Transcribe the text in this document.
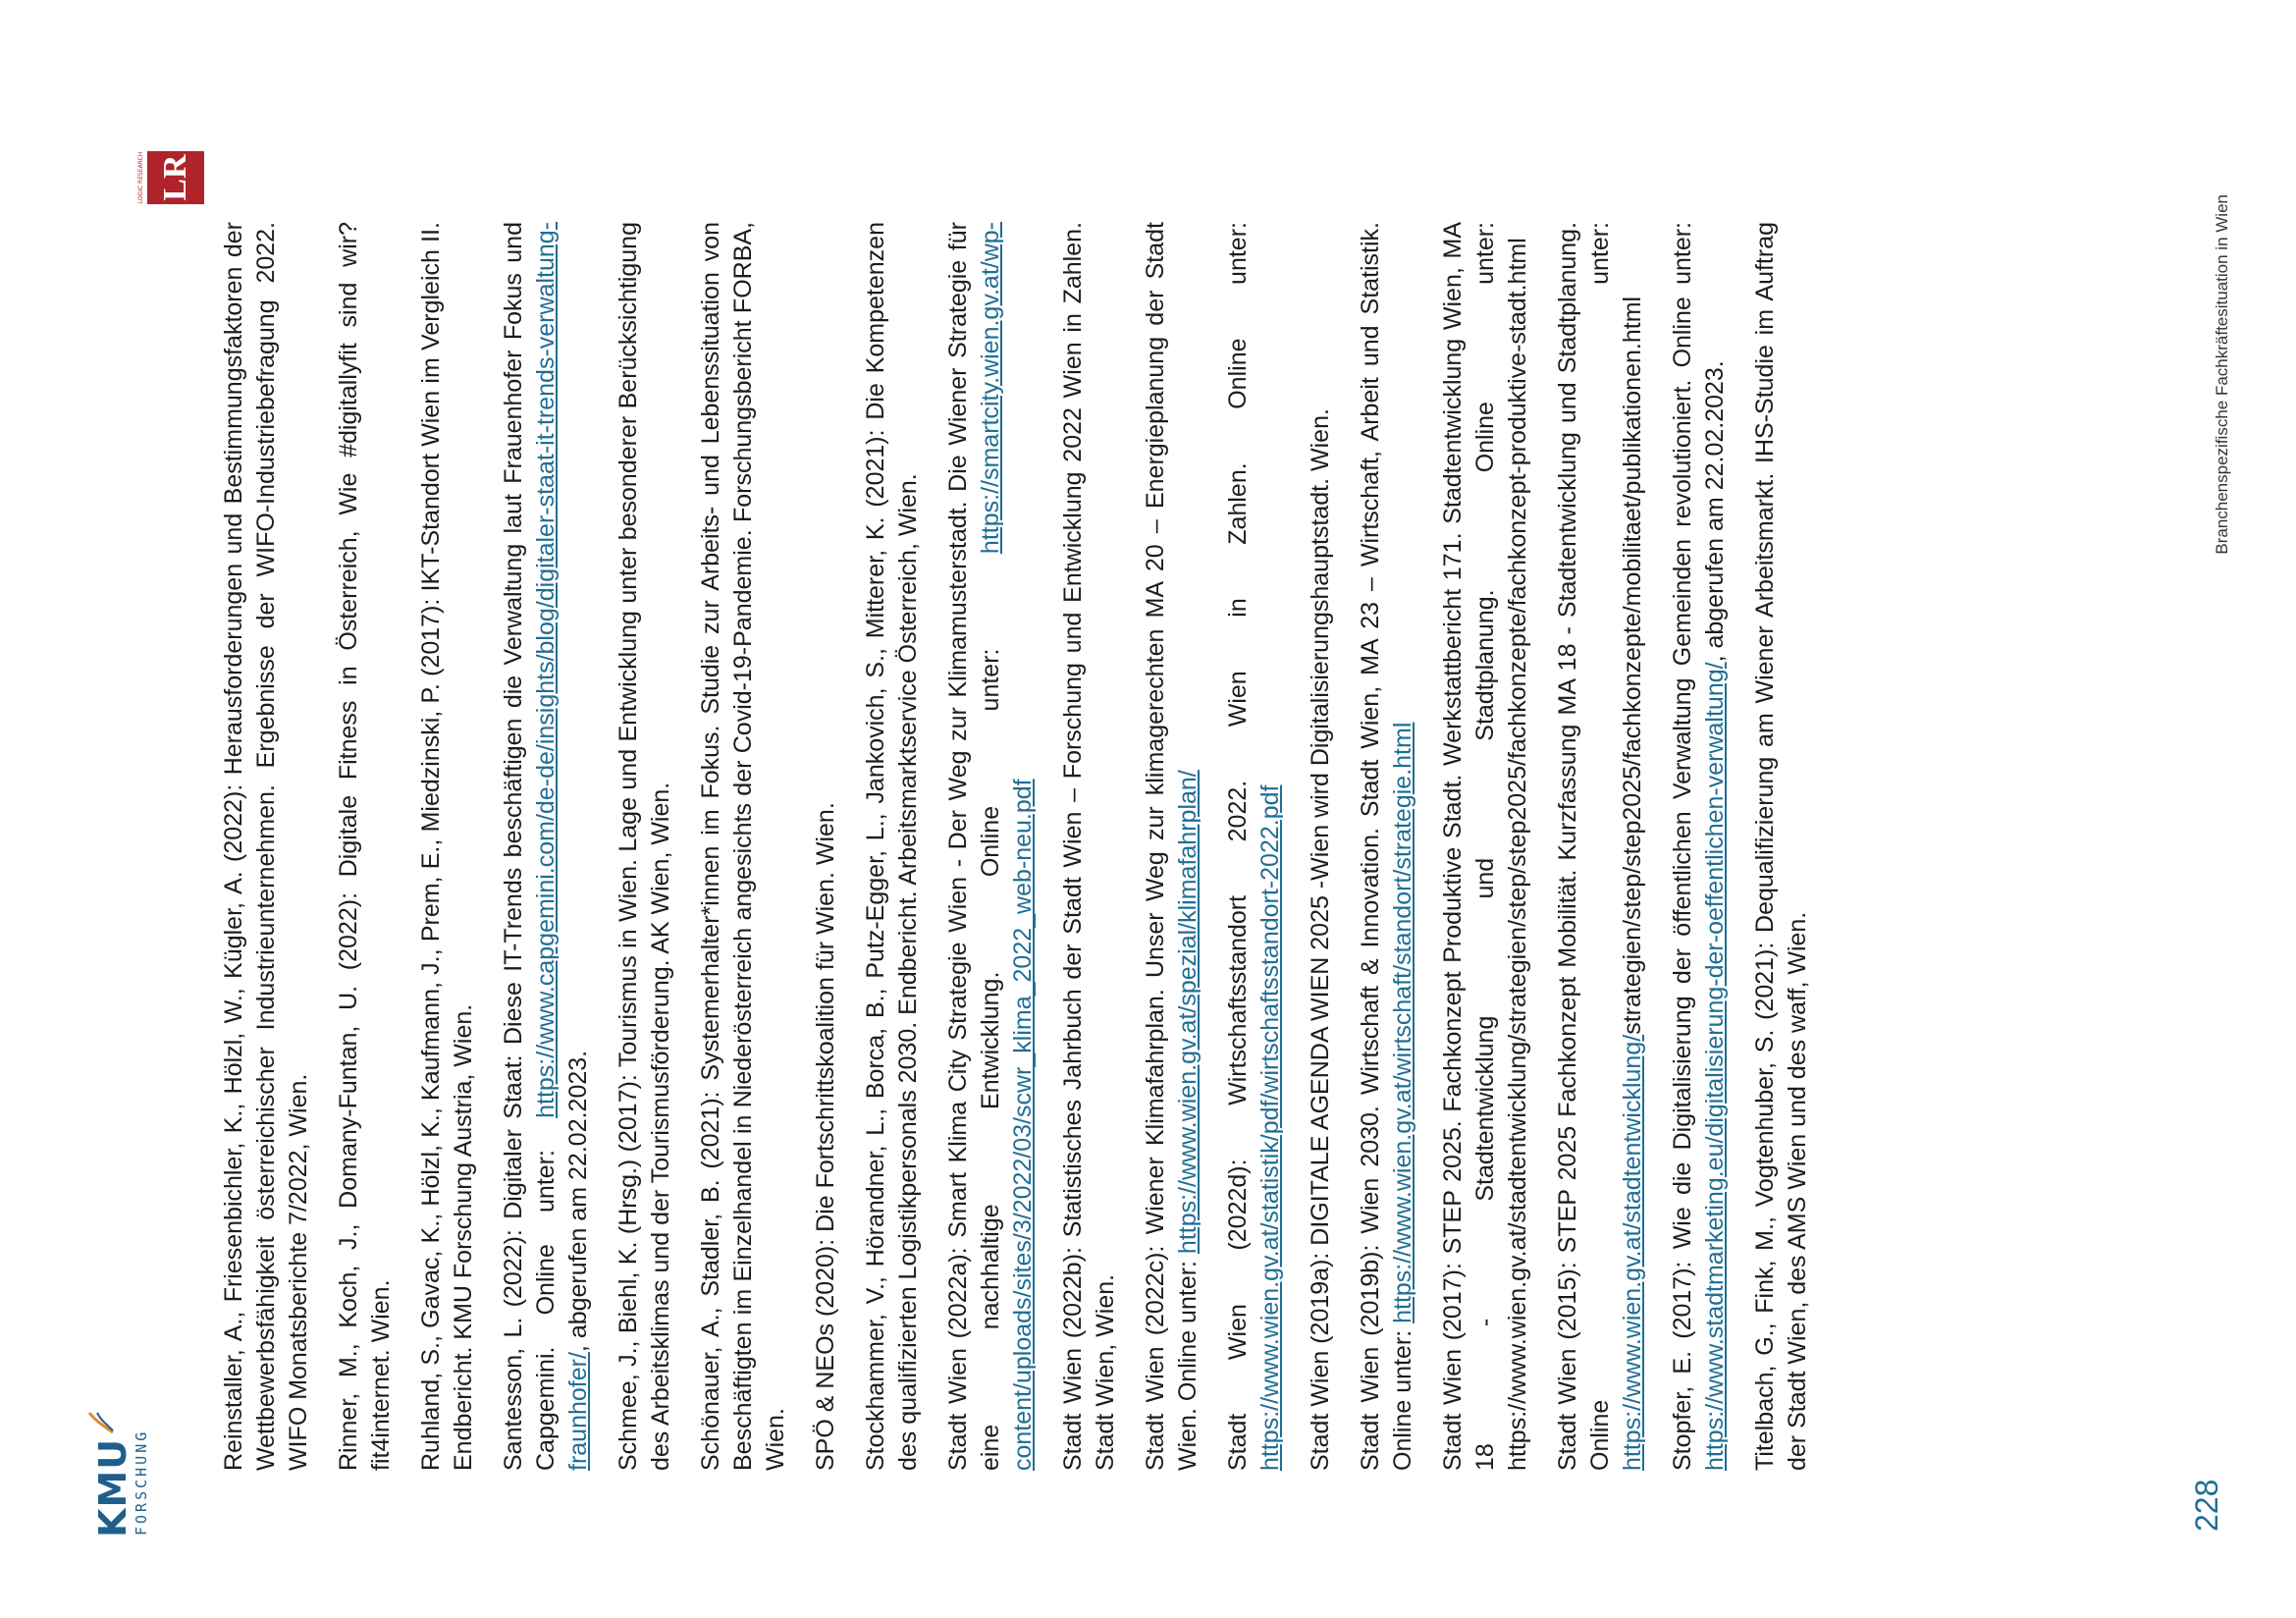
KMU
FORSCHUNG
LOGIC RESEARCH LR

Reinstaller, A., Friesenbichler, K., Hölzl, W., Kügler, A. (2022): Herausforderungen und Bestimmungsfaktoren der Wettbewerbsfähigkeit österreichischer Industrieunternehmen. Ergebnisse der WIFO-Industriebefragung 2022. WIFO Monatsberichte 7/2022, Wien. Rinner, M., Koch, J., Domany-Funtan, U. (2022): Digitale Fitness in Österreich, Wie #digitallyfit sind wir? fit4internet. Wien. Ruhland, S., Gavac, K., Hölzl, K., Kaufmann, J., Prem, E., Miedzinski, P. (2017): IKT-Standort Wien im Vergleich II. Endbericht. KMU Forschung Austria, Wien. Santesson, L. (2022): Digitaler Staat: Diese IT-Trends beschäftigen die Verwaltung laut Frauenhofer Fokus und Capgemini. Online unter: https://www.capgemini.com/de-de/insights/blog/digitaler-staat-it-trends-verwaltung-fraunhofer/, abgerufen am 22.02.2023. Schmee, J., Biehl, K. (Hrsg.) (2017): Tourismus in Wien. Lage und Entwicklung unter besonderer Berücksichtigung des Arbeitsklimas und der Tourismusförderung. AK Wien, Wien. Schönauer, A., Stadler, B. (2021): Systemerhalter*innen im Fokus. Studie zur Arbeits- und Lebenssituation von Beschäftigten im Einzelhandel in Niederösterreich angesichts der Covid-19-Pandemie. Forschungsbericht FORBA, Wien. SPÖ & NEOs (2020): Die Fortschrittskoalition für Wien. Wien. Stockhammer, V., Hörandner, L., Borca, B., Putz-Egger, L., Jankovich, S., Mitterer, K. (2021): Die Kompetenzen des qualifizierten Logistikpersonals 2030. Endbericht. Arbeitsmarktservice Österreich, Wien. Stadt Wien (2022a): Smart Klima City Strategie Wien - Der Weg zur Klimamusterstadt. Die Wiener Strategie für eine nachhaltige Entwicklung. Online unter: https://smartcity.wien.gv.at/wp-content/uploads/sites/3/2022/03/scwr_klima_2022_web-neu.pdf Stadt Wien (2022b): Statistisches Jahrbuch der Stadt Wien – Forschung und Entwicklung 2022 Wien in Zahlen. Stadt Wien, Wien. Stadt Wien (2022c): Wiener Klimafahrplan. Unser Weg zur klimagerechten MA 20 – Energieplanung der Stadt Wien. Online unter: https://www.wien.gv.at/spezial/klimafahrplan/ Stadt Wien (2022d): Wirtschaftsstandort 2022. Wien in Zahlen. Online unter: https://www.wien.gv.at/statistik/pdf/wirtschaftsstandort-2022.pdf Stadt Wien (2019a): DIGITALE AGENDA WIEN 2025 -Wien wird Digitalisierungshauptstadt. Wien. Stadt Wien (2019b): Wien 2030. Wirtschaft & Innovation. Stadt Wien, MA 23 – Wirtschaft, Arbeit und Statistik. Online unter: https://www.wien.gv.at/wirtschaft/standort/strategie.html Stadt Wien (2017): STEP 2025. Fachkonzept Produktive Stadt. Werkstattbericht 171. Stadtentwicklung Wien, MA 18 - Stadtentwicklung und Stadtplanung. Online unter: https://www.wien.gv.at/stadtentwicklung/strategien/step/step2025/fachkonzepte/fachkonzept-produktive-stadt.html Stadt Wien (2015): STEP 2025 Fachkonzept Mobilität. Kurzfassung MA 18 - Stadtentwicklung und Stadtplanung. Online unter: https://www.wien.gv.at/stadtentwicklung/strategien/step/step2025/fachkonzepte/mobilitaet/publikationen.html Stopfer, E. (2017): Wie die Digitalisierung der öffentlichen Verwaltung Gemeinden revolutioniert. Online unter: https://www.stadtmarketing.eu/digitalisierung-der-oeffentlichen-verwaltung/, abgerufen am 22.02.2023. Titelbach, G., Fink, M., Vogtenhuber, S. (2021): Dequalifizierung am Wiener Arbeitsmarkt. IHS-Studie im Auftrag der Stadt Wien, des AMS Wien und des waff, Wien.

228
Branchenspezifische Fachkräftesituation in Wien
